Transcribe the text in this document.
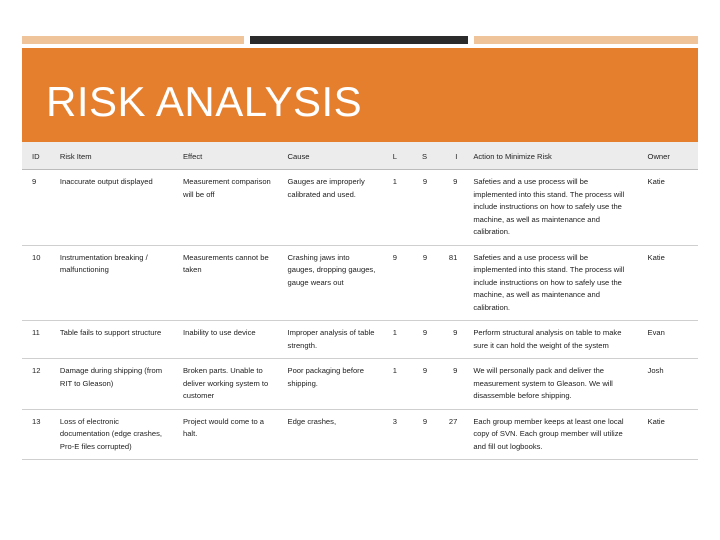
RISK ANALYSIS
ID	Risk Item	Effect	Cause	L	S	I	Action to Minimize Risk	Owner
9	Inaccurate output displayed	Measurement comparison will be off	Gauges are improperly calibrated and used.	1	9	9	Safeties and a use process will be implemented into this stand. The process will include instructions on how to safely use the machine, as well as maintenance and calibration.	Katie
10	Instrumentation breaking / malfunctioning	Measurements cannot be taken	Crashing jaws into gauges, dropping gauges, gauge wears out	9	9	81	Safeties and a use process will be implemented into this stand. The process will include instructions on how to safely use the machine, as well as maintenance and calibration.	Katie
11	Table fails to support structure	Inability to use device	Improper analysis of table strength.	1	9	9	Perform structural analysis on table to make sure it can hold the weight of the system	Evan
12	Damage during shipping (from RIT to Gleason)	Broken parts. Unable to deliver working system to customer	Poor packaging before shipping.	1	9	9	We will personally pack and deliver the measurement system to Gleason. We will disassemble before shipping.	Josh
13	Loss of electronic documentation (edge crashes, Pro-E files corrupted)	Project would come to a halt.	Edge crashes,	3	9	27	Each group member keeps at least one local copy of SVN. Each group member will utilize and fill out logbooks.	Katie
